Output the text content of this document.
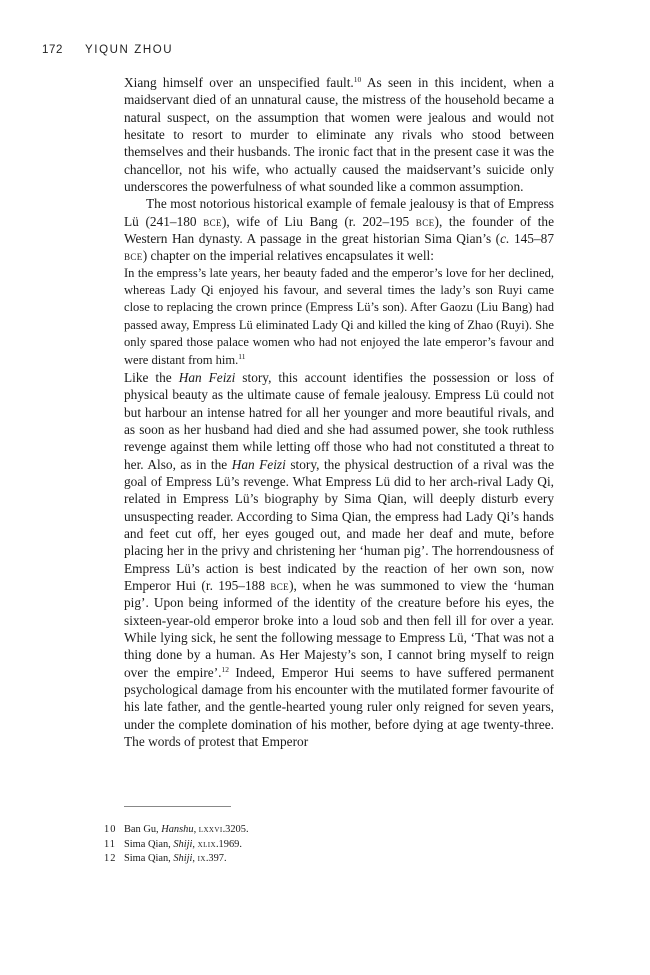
172 YIQUN ZHOU

Xiang himself over an unspecified fault.$^{10}$ As seen in this incident, when a maidservant died of an unnatural cause, the mistress of the household became a natural suspect, on the assumption that women were jealous and would not hesitate to resort to murder to eliminate any rivals who stood between themselves and their husbands. The ironic fact that in the present case it was the chancellor, not his wife, who actually caused the maidservant’s suicide only underscores the powerfulness of what sounded like a common assumption.

The most notorious historical example of female jealousy is that of Empress Lü (241–180 bce), wife of Liu Bang (r. 202–195 bce), the founder of the Western Han dynasty. A passage in the great historian Sima Qian’s (c. 145–87 bce) chapter on the imperial relatives encapsulates it well:

In the empress’s late years, her beauty faded and the emperor’s love for her declined, whereas Lady Qi enjoyed his favour, and several times the lady’s son Ruyi came close to replacing the crown prince (Empress Lü’s son). After Gaozu (Liu Bang) had passed away, Empress Lü eliminated Lady Qi and killed the king of Zhao (Ruyi). She only spared those palace women who had not enjoyed the late emperor’s favour and were distant from him.$^{11}$

Like the Han Feizi story, this account identifies the possession or loss of physical beauty as the ultimate cause of female jealousy. Empress Lü could not but harbour an intense hatred for all her younger and more beautiful rivals, and as soon as her husband had died and she had assumed power, she took ruthless revenge against them while letting off those who had not constituted a threat to her. Also, as in the Han Feizi story, the physical destruction of a rival was the goal of Empress Lü’s revenge. What Empress Lü did to her arch-rival Lady Qi, related in Empress Lü’s biography by Sima Qian, will deeply disturb every unsuspecting reader. According to Sima Qian, the empress had Lady Qi’s hands and feet cut off, her eyes gouged out, and made her deaf and mute, before placing her in the privy and christening her ‘human pig’. The horrendousness of Empress Lü’s action is best indicated by the reaction of her own son, now Emperor Hui (r. 195–188 bce), when he was summoned to view the ‘human pig’. Upon being informed of the identity of the creature before his eyes, the sixteen-year-old emperor broke into a loud sob and then fell ill for over a year. While lying sick, he sent the following message to Empress Lü, ‘That was not a thing done by a human. As Her Majesty’s son, I cannot bring myself to reign over the empire’.$^{12}$ Indeed, Emperor Hui seems to have suffered permanent psychological damage from his encounter with the mutilated former favourite of his late father, and the gentle-hearted young ruler only reigned for seven years, under the complete domination of his mother, before dying at age twenty-three. The words of protest that Emperor

10 Ban Gu, Hanshu, lxxvi.3205.
11 Sima Qian, Shiji, xlix.1969.
12 Sima Qian, Shiji, ix.397.
